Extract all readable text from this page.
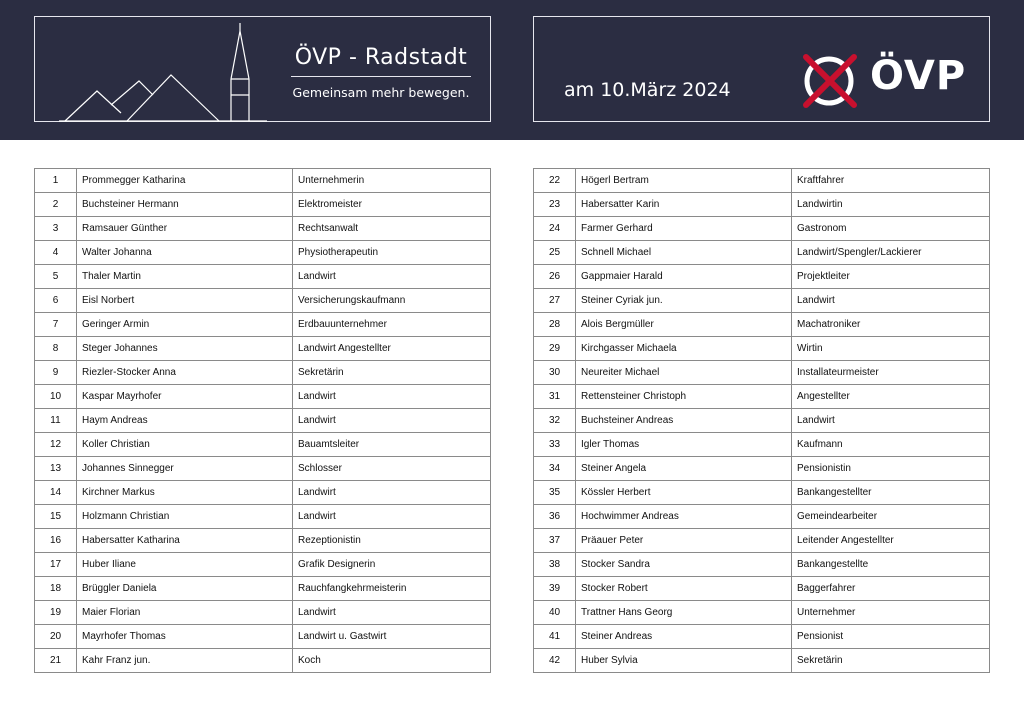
ÖVP - Radstadt
Gemeinsam mehr bewegen.	am 10.März 2024	ÖVP
1	Prommegger Katharina	Unternehmerin
2	Buchsteiner Hermann	Elektromeister
3	Ramsauer Günther	Rechtsanwalt
4	Walter Johanna	Physiotherapeutin
5	Thaler Martin	Landwirt
6	Eisl Norbert	Versicherungskaufmann
7	Geringer Armin	Erdbauunternehmer
8	Steger Johannes	Landwirt Angestellter
9	Riezler-Stocker Anna	Sekretärin
10	Kaspar Mayrhofer	Landwirt
11	Haym Andreas	Landwirt
12	Koller Christian	Bauamtsleiter
13	Johannes Sinnegger	Schlosser
14	Kirchner Markus	Landwirt
15	Holzmann Christian	Landwirt
16	Habersatter Katharina	Rezeptionistin
17	Huber Iliane	Grafik Designerin
18	Brüggler Daniela	Rauchfangkehrmeisterin
19	Maier Florian	Landwirt
20	Mayrhofer Thomas	Landwirt u. Gastwirt
21	Kahr Franz jun.	Koch
22	Högerl Bertram	Kraftfahrer
23	Habersatter Karin	Landwirtin
24	Farmer Gerhard	Gastronom
25	Schnell Michael	Landwirt/Spengler/Lackierer
26	Gappmaier Harald	Projektleiter
27	Steiner Cyriak jun.	Landwirt
28	Alois Bergmüller	Machatroniker
29	Kirchgasser Michaela	Wirtin
30	Neureiter Michael	Installateurmeister
31	Rettensteiner Christoph	Angestellter
32	Buchsteiner Andreas	Landwirt
33	Igler Thomas	Kaufmann
34	Steiner Angela	Pensionistin
35	Kössler Herbert	Bankangestellter
36	Hochwimmer Andreas	Gemeindearbeiter
37	Präauer Peter	Leitender Angestellter
38	Stocker Sandra	Bankangestellte
39	Stocker Robert	Baggerfahrer
40	Trattner Hans Georg	Unternehmer
41	Steiner Andreas	Pensionist
42	Huber Sylvia	Sekretärin
